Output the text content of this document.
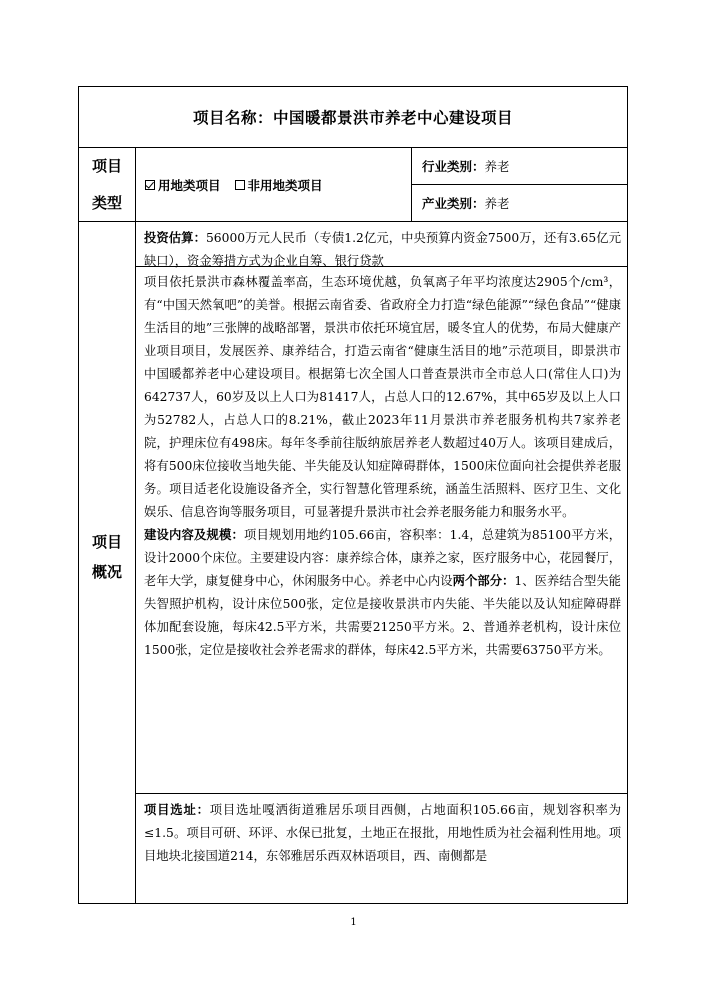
项目名称：中国暖都景洪市养老中心建设项目
项目
类型
用地类项目 非用地类项目
行业类别： 养老
产业类别： 养老
项目
概况
投资估算：56000万元人民币（专债1.2亿元，中央预算内资金7500万，还有3.65亿元缺口），资金筹措方式为企业自筹、银行贷款
项目依托景洪市森林覆盖率高，生态环境优越，负氧离子年平均浓度达2905个/cm³，有“中国天然氧吧”的美誉。根据云南省委、省政府全力打造“绿色能源”“绿色食品”“健康生活目的地”三张牌的战略部署，景洪市依托环境宜居，暖冬宜人的优势，布局大健康产业项目项目，发展医养、康养结合，打造云南省“健康生活目的地”示范项目，即景洪市中国暖都养老中心建设项目。根据第七次全国人口普查景洪市全市总人口(常住人口)为642737人，60岁及以上人口为81417人，占总人口的12.67%，其中65岁及以上人口为52782人，占总人口的8.21%，截止2023年11月景洪市养老服务机构共7家养老院，护理床位有498床。每年冬季前往版纳旅居养老人数超过40万人。该项目建成后，将有500床位接收当地失能、半失能及认知症障碍群体，1500床位面向社会提供养老服务。项目适老化设施设备齐全，实行智慧化管理系统，涵盖生活照料、医疗卫生、文化娱乐、信息咨询等服务项目，可显著提升景洪市社会养老服务能力和服务水平。
建设内容及规模：项目规划用地约105.66亩，容积率：1.4，总建筑为85100平方米，设计2000个床位。主要建设内容：康养综合体，康养之家，医疗服务中心，花园餐厅，老年大学，康复健身中心，休闲服务中心。养老中心内设两个部分：1、医养结合型失能失智照护机构，设计床位500张，定位是接收景洪市内失能、半失能以及认知症障碍群体加配套设施，每床42.5平方米，共需要21250平方米。2、普通养老机构，设计床位1500张，定位是接收社会养老需求的群体，每床42.5平方米，共需要63750平方米。
项目选址：项目选址嘎洒街道雅居乐项目西侧，占地面积105.66亩，规划容积率为≤1.5。项目可研、环评、水保已批复，土地正在报批，用地性质为社会福利性用地。项目地块北接国道214，东邻雅居乐西双林语项目，西、南侧都是
1
